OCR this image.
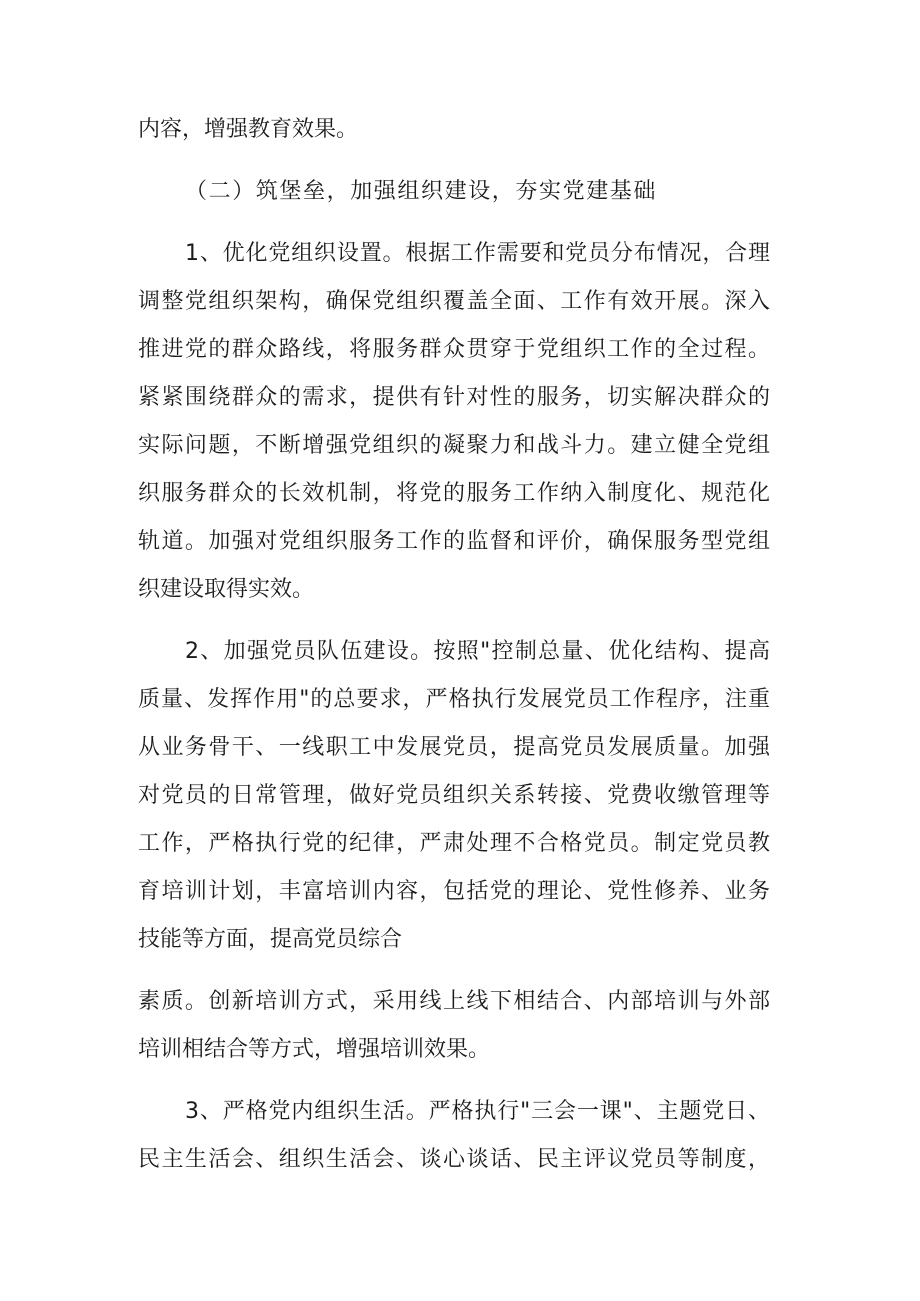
内容，增强教育效果。
（二）筑堡垒，加强组织建设，夯实党建基础
1、优化党组织设置。根据工作需要和党员分布情况，合理
调整党组织架构，确保党组织覆盖全面、工作有效开展。深入
推进党的群众路线，将服务群众贯穿于党组织工作的全过程。
紧紧围绕群众的需求，提供有针对性的服务，切实解决群众的
实际问题，不断增强党组织的凝聚力和战斗力。建立健全党组
织服务群众的长效机制，将党的服务工作纳入制度化、规范化
轨道。加强对党组织服务工作的监督和评价，确保服务型党组
织建设取得实效。
2、加强党员队伍建设。按照"控制总量、优化结构、提高
质量、发挥作用"的总要求，严格执行发展党员工作程序，注重
从业务骨干、一线职工中发展党员，提高党员发展质量。加强
对党员的日常管理，做好党员组织关系转接、党费收缴管理等
工作，严格执行党的纪律，严肃处理不合格党员。制定党员教
育培训计划，丰富培训内容，包括党的理论、党性修养、业务
技能等方面，提高党员综合
素质。创新培训方式，采用线上线下相结合、内部培训与外部
培训相结合等方式，增强培训效果。
3、严格党内组织生活。严格执行"三会一课"、主题党日、
民主生活会、组织生活会、谈心谈话、民主评议党员等制度，
